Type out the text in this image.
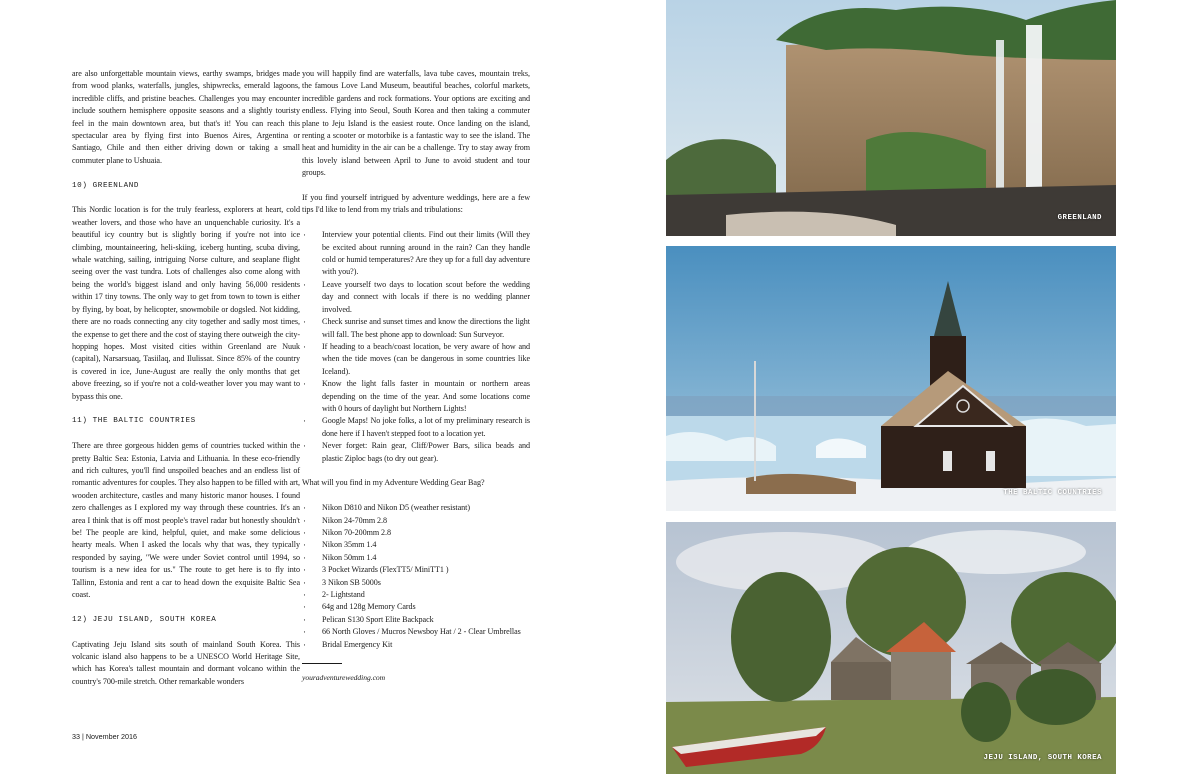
are also unforgettable mountain views, earthy swamps, bridges made from wood planks, waterfalls, jungles, shipwrecks, emerald lagoons, incredible cliffs, and pristine beaches. Challenges you may encounter include southern hemisphere opposite seasons and a slightly touristy feel in the main downtown area, but that's it! You can reach this spectacular area by flying first into Buenos Aires, Argentina or Santiago, Chile and then either driving down or taking a small commuter plane to Ushuaia.

10) GREENLAND

This Nordic location is for the truly fearless, explorers at heart, cold weather lovers, and those who have an unquenchable curiosity. It's a beautiful icy country but is slightly boring if you're not into ice climbing, mountaineering, heli-skiing, iceberg hunting, scuba diving, whale watching, sailing, intriguing Norse culture, and seaplane flight seeing over the vast tundra. Lots of challenges also come along with being the world's biggest island and only having 56,000 residents within 17 tiny towns. The only way to get from town to town is either by flying, by boat, by helicopter, snowmobile or dogsled. Not kidding, there are no roads connecting any city together and sadly most times, the expense to get there and the cost of staying there outweigh the city-hopping hopes. Most visited cities within Greenland are Nuuk (capital), Narsarsuaq, Tasiilaq, and Ilulissat. Since 85% of the country is covered in ice, June-August are really the only months that get above freezing, so if you're not a cold-weather lover you may want to bypass this one.

11) THE BALTIC COUNTRIES

There are three gorgeous hidden gems of countries tucked within the pretty Baltic Sea: Estonia, Latvia and Lithuania. In these eco-friendly and rich cultures, you'll find unspoiled beaches and an endless list of romantic adventures for couples. They also happen to be filled with art, wooden architecture, castles and many historic manor houses. I found zero challenges as I explored my way through these countries. It's an area I think that is off most people's travel radar but honestly shouldn't be! The people are kind, helpful, quiet, and make some delicious hearty meals. When I asked the locals why that was, they typically responded by saying, "We were under Soviet control until 1994, so tourism is a new idea for us." The route to get here is to fly into Tallinn, Estonia and rent a car to head down the exquisite Baltic Sea coast.

12) JEJU ISLAND, SOUTH KOREA

Captivating Jeju Island sits south of mainland South Korea. This volcanic island also happens to be a UNESCO World Heritage Site, which has Korea's tallest mountain and dormant volcano within the country's 700-mile stretch. Other remarkable wonders

you will happily find are waterfalls, lava tube caves, mountain treks, the famous Love Land Museum, beautiful beaches, colorful markets, incredible gardens and rock formations. Your options are exciting and endless. Flying into Seoul, South Korea and then taking a commuter plane to Jeju Island is the easiest route. Once landing on the island, renting a scooter or motorbike is a fantastic way to see the island. The heat and humidity in the air can be a challenge. Try to stay away from this lovely island between April to June to avoid student and tour groups.

If you find yourself intrigued by adventure weddings, here are a few tips I'd like to lend from my trials and tribulations:

· Interview your potential clients. Find out their limits (Will they be excited about running around in the rain? Can they handle cold or humid temperatures? Are they up for a full day adventure with you?).
· Leave yourself two days to location scout before the wedding day and connect with locals if there is no wedding planner involved.
· Check sunrise and sunset times and know the directions the light will fall. The best phone app to download: Sun Surveyor.
· If heading to a beach/coast location, be very aware of how and when the tide moves (can be dangerous in some countries like Iceland).
· Know the light falls faster in mountain or northern areas depending on the time of the year. And some locations come with 0 hours of daylight but Northern Lights!
· Google Maps! No joke folks, a lot of my preliminary research is done here if I haven't stepped foot to a location yet.
· Never forget: Rain gear, Cliff/Power Bars, silica beads and plastic Ziploc bags (to dry out gear).

What will you find in my Adventure Wedding Gear Bag?

· Nikon D810 and Nikon D5 (weather resistant)
· Nikon 24-70mm 2.8
· Nikon 70-200mm 2.8
· Nikon 35mm 1.4
· Nikon 50mm 1.4
· 3 Pocket Wizards (FlexTT5/ MiniTT1 )
· 3 Nikon SB 5000s
· 2- Lightstand
· 64g and 128g Memory Cards
· Pelican S130 Sport Elite Backpack
· 66 North Gloves / Mucros Newsboy Hat / 2 - Clear Umbrellas
· Bridal Emergency Kit
youradventurewedding.com
33 | November 2016
GREENLAND
THE BALTIC COUNTRIES
JEJU ISLAND, SOUTH KOREA
